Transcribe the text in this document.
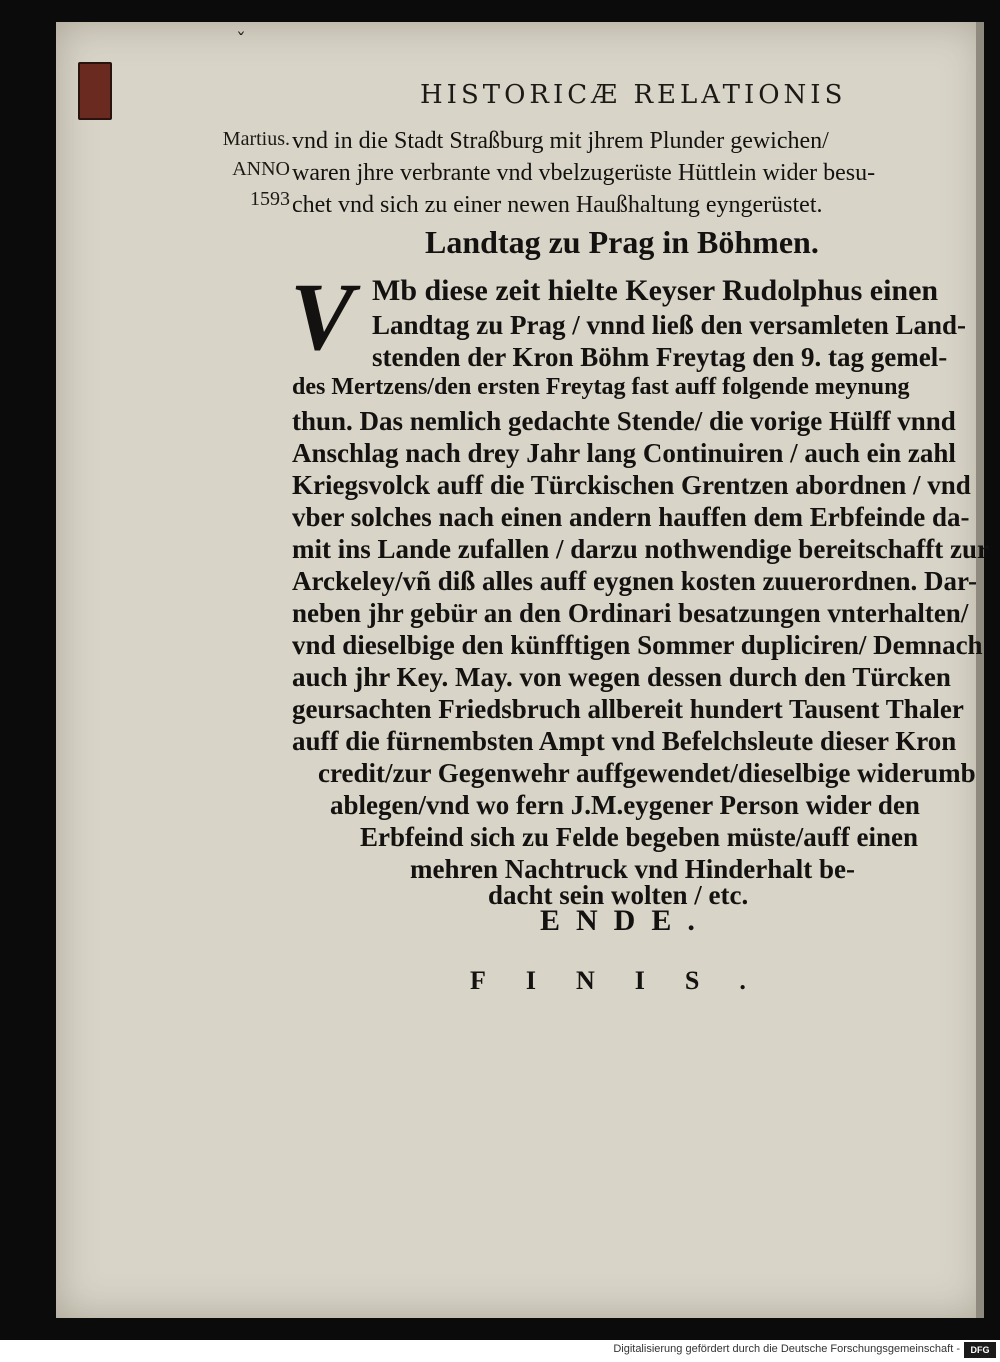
ˇ
HISTORICÆ RELATIONIS
Martius.
ANNO
1593
vnd in die Stadt Straßburg mit jhrem Plunder gewichen/
waren jhre verbrante vnd vbelzugerüste Hüttlein wider besu-
chet vnd sich zu einer newen Haußhaltung eyngerüstet.
Landtag zu Prag in Böhmen.
V Mb diese zeit hielte Keyser Rudolphus einen
Landtag zu Prag / vnnd ließ den versamleten Land-
stenden der Kron Böhm Freytag den 9. tag gemel-
des Mertzens/den ersten Freytag fast auff folgende meynung
thun. Das nemlich gedachte Stende/ die vorige Hülff vnnd
Anschlag nach drey Jahr lang Continuiren / auch ein zahl
Kriegsvolck auff die Türckischen Grentzen abordnen / vnd
vber solches nach einen andern hauffen dem Erbfeinde da-
mit ins Lande zufallen / darzu nothwendige bereitschafft zur
Arckeley/vñ diß alles auff eygnen kosten zuuerordnen. Dar-
neben jhr gebür an den Ordinari besatzungen vnterhalten/
vnd dieselbige den künfftigen Sommer dupliciren/ Demnach
auch jhr Key. May. von wegen dessen durch den Türcken
geursachten Friedsbruch allbereit hundert Tausent Thaler
auff die fürnembsten Ampt vnd Befelchsleute dieser Kron
credit/zur Gegenwehr auffgewendet/dieselbige widerumb
ablegen/vnd wo fern J.M.eygener Person wider den
Erbfeind sich zu Felde begeben müste/auff einen
mehren Nachtruck vnd Hinderhalt be-
dacht sein wolten / etc.
ENDE.
FINIS.
Digitalisierung gefördert durch die Deutsche Forschungsgemeinschaft -	DFG
